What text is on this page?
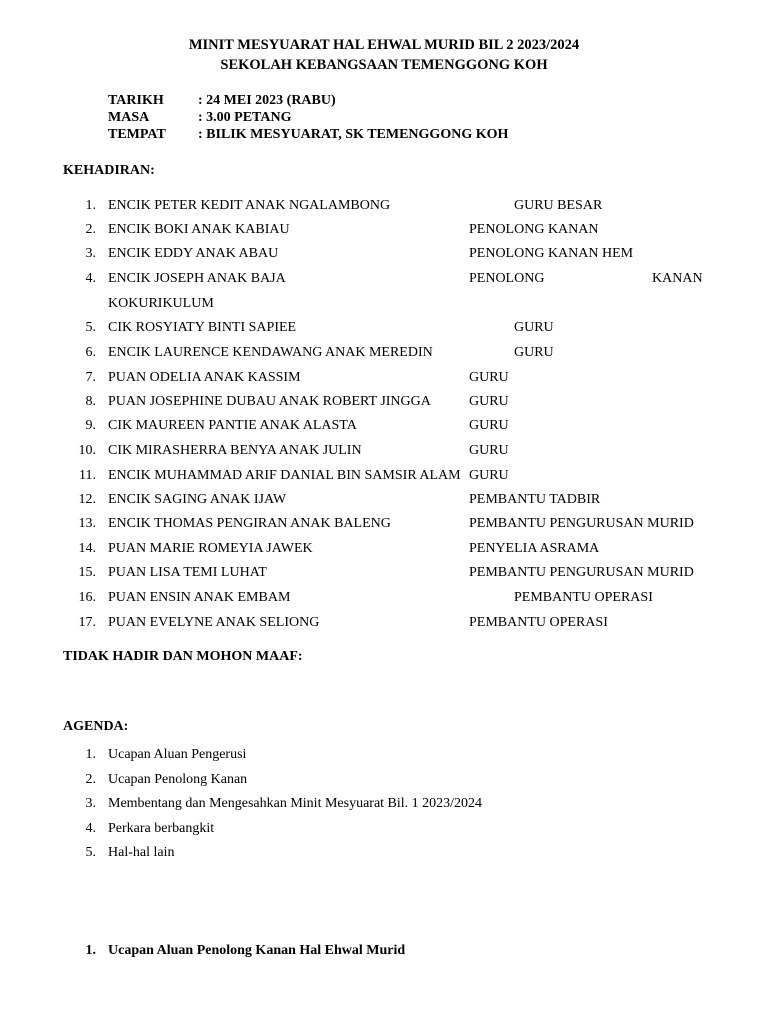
MINIT MESYUARAT HAL EHWAL MURID BIL 2 2023/2024
SEKOLAH KEBANGSAAN TEMENGGONG KOH
TARIKH : 24 MEI 2023 (RABU)
MASA	: 3.00 PETANG
TEMPAT : BILIK MESYUARAT, SK TEMENGGONG KOH
KEHADIRAN:
1. ENCIK PETER KEDIT ANAK NGALAMBONG	GURU BESAR
2. ENCIK BOKI ANAK KABIAU	PENOLONG KANAN
3. ENCIK EDDY ANAK ABAU	PENOLONG KANAN HEM
4. ENCIK JOSEPH ANAK BAJA	PENOLONG	KANAN
KOKURIKULUM
5. CIK ROSYIATY BINTI SAPIEE	GURU
6. ENCIK LAURENCE KENDAWANG ANAK MEREDIN	GURU
7. PUAN ODELIA ANAK KASSIM	GURU
8. PUAN JOSEPHINE DUBAU ANAK ROBERT JINGGA	GURU
9. CIK MAUREEN PANTIE ANAK ALASTA	GURU
10. CIK MIRASHERRA BENYA ANAK JULIN	GURU
11. ENCIK MUHAMMAD ARIF DANIAL BIN SAMSIR ALAM GURU
12. ENCIK SAGING ANAK IJAW	PEMBANTU TADBIR
13. ENCIK THOMAS PENGIRAN ANAK BALENG	PEMBANTU PENGURUSAN MURID
14. PUAN MARIE ROMEYIA JAWEK	PENYELIA ASRAMA
15. PUAN LISA TEMI LUHAT	PEMBANTU PENGURUSAN MURID
16. PUAN ENSIN ANAK EMBAM	PEMBANTU OPERASI
17. PUAN EVELYNE ANAK SELIONG	PEMBANTU OPERASI
TIDAK HADIR DAN MOHON MAAF:
AGENDA:
1. Ucapan Aluan Pengerusi
2. Ucapan Penolong Kanan
3. Membentang dan Mengesahkan Minit Mesyuarat Bil. 1 2023/2024
4. Perkara berbangkit
5. Hal-hal lain
1. Ucapan Aluan Penolong Kanan Hal Ehwal Murid
